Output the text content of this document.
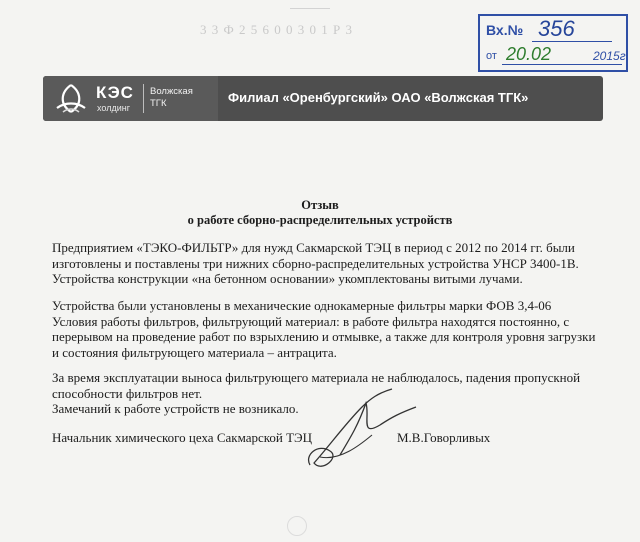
3 3 Ф 2 5 6 0 0 3 0 1 Р 3	Вх.№ 356
от 20.02	2015г.
КЭС
холдинг
Волжская
ТГК	Филиал «Оренбургский» ОАО «Волжская ТГК»
Отзыв
о работе сборно-распределительных устройств
Предприятием «ТЭКО-ФИЛЬТР» для нужд Сакмарской ТЭЦ в период с 2012 по 2014 гг. были
изготовлены и поставлены три нижних сборно-распределительных устройства УНСР 3400-1В.
Устройства конструкции «на бетонном основании» укомплектованы витыми лучами.
Устройства были установлены в механические однокамерные фильтры марки ФОВ 3,4-06
Условия работы фильтров, фильтрующий материал: в работе фильтра находятся постоянно, с
перерывом на проведение работ по взрыхлению и отмывке, а также для контроля уровня загрузки
и состояния фильтрующего материала – антрацита.
За время эксплуатации выноса фильтрующего материала не наблюдалось, падения пропускной
способности фильтров нет.
Замечаний к работе устройств не возникало.
Начальник химического цеха Сакмарской ТЭЦ	М.В.Говорливых
